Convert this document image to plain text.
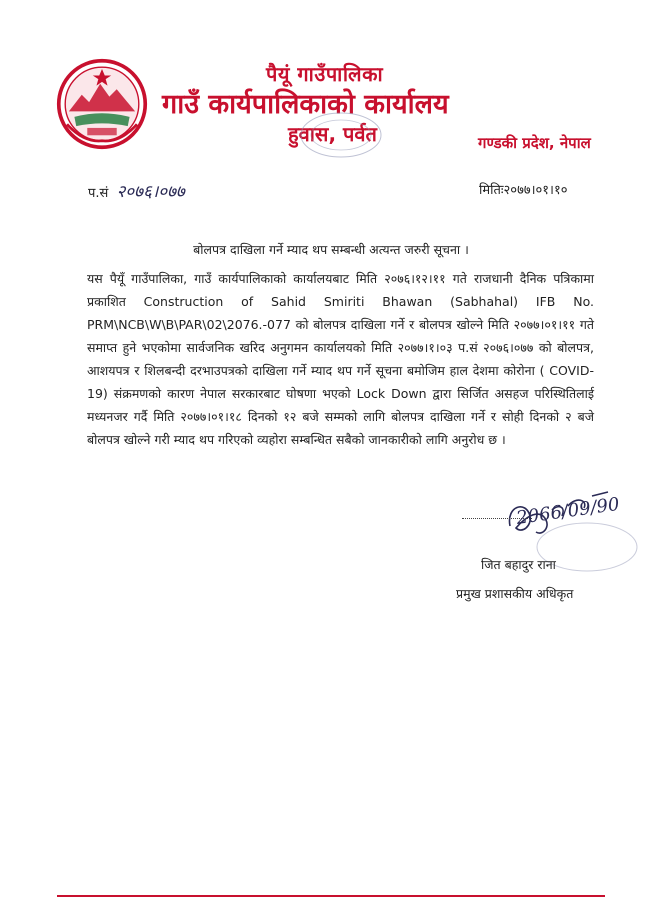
पैयूं गाउँपालिका
गाउँ कार्यपालिकाको कार्यालय
हुवास, पर्वत	गण्डकी प्रदेश, नेपाल
प.सं २०७६।०७७	मितिः२०७७।०१।१०
बोलपत्र दाखिला गर्ने म्याद थप सम्बन्धी अत्यन्त जरुरी सूचना ।
यस पैयूँ गाउँपालिका, गाउँ कार्यपालिकाको कार्यालयबाट मिति २०७६।१२।११ गते राजधानी दैनिक पत्रिकामा प्रकाशित Construction of Sahid Smiriti Bhawan (Sabhahal) IFB No. PRM\NCB\W\B\PAR\02\2076.-077 को बोलपत्र दाखिला गर्ने र बोलपत्र खोल्ने मिति २०७७।०१।११ गते समाप्त हुने भएकोमा सार्वजनिक खरिद अनुगमन कार्यालयको मिति २०७७।१।०३ प.सं २०७६।०७७ को बोलपत्र, आशयपत्र र शिलबन्दी दरभाउपत्रको दाखिला गर्ने म्याद थप गर्ने सूचना बमोजिम हाल देशमा कोरोना ( COVID-19) संक्रमणको कारण नेपाल सरकारबाट घोषणा भएको Lock Down द्वारा सिर्जित असहज परिस्थितिलाई मध्यनजर गर्दै मिति २०७७।०१।१८ दिनको १२ बजे सम्मको लागि बोलपत्र दाखिला गर्ने र सोही दिनको २ बजे बोलपत्र खोल्ने गरी म्याद थप गरिएको व्यहोरा सम्बन्धित सबैको जानकारीको लागि अनुरोध छ ।
2066/09/90
जित बहादुर राना
प्रमुख प्रशासकीय अधिकृत
